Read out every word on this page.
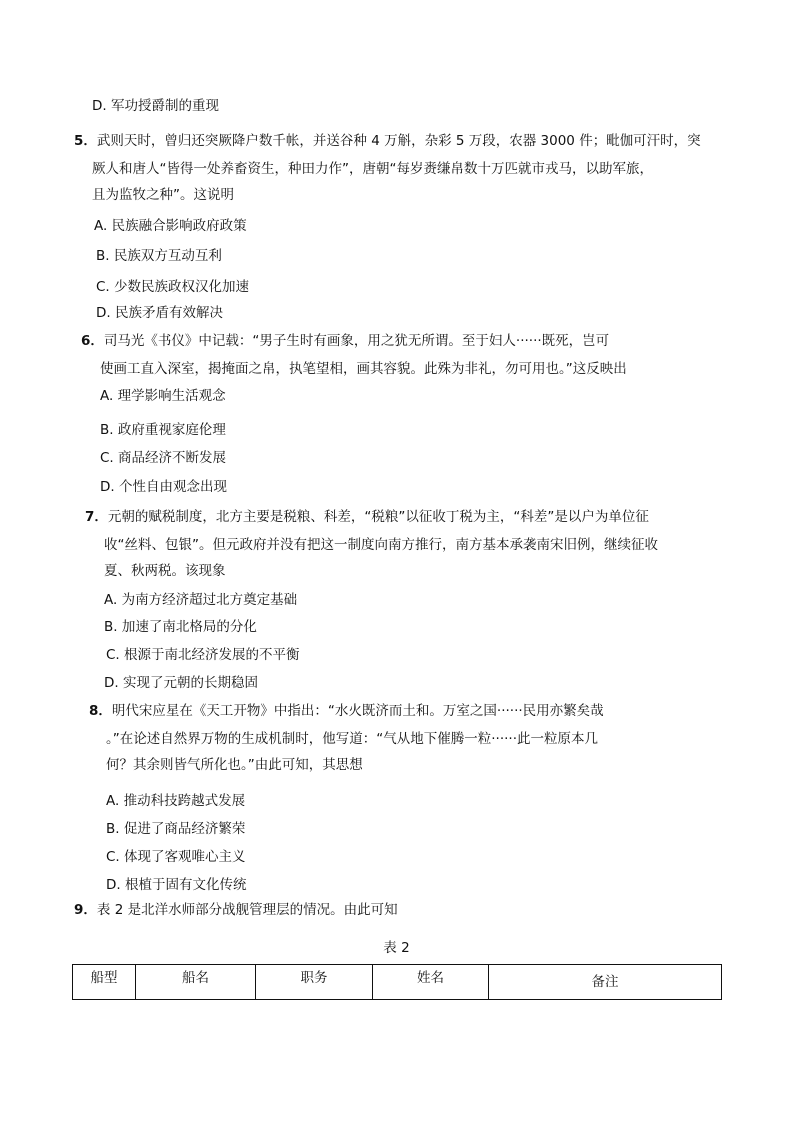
D. 军功授爵制的重现
5．武则天时，曾归还突厥降户数千帐，并送谷种 4 万斛，杂彩 5 万段，农器 3000 件；毗伽可汗时，突
厥人和唐人“皆得一处养畜资生，种田力作”，唐朝“每岁赉缣帛数十万匹就市戎马，以助军旅，
且为监牧之种”。这说明
A. 民族融合影响政府政策
B. 民族双方互动互利
C. 少数民族政权汉化加速
D. 民族矛盾有效解决
6．司马光《书仪》中记载：“男子生时有画象，用之犹无所谓。至于妇人······既死，岂可
使画工直入深室，揭掩面之帛，执笔望相，画其容貌。此殊为非礼，勿可用也。”这反映出
A. 理学影响生活观念
B. 政府重视家庭伦理
C. 商品经济不断发展
D. 个性自由观念出现
7．元朝的赋税制度，北方主要是税粮、科差，“税粮”以征收丁税为主，“科差”是以户为单位征
收“丝料、包银”。但元政府并没有把这一制度向南方推行，南方基本承袭南宋旧例，继续征收
夏、秋两税。该现象
A. 为南方经济超过北方奠定基础
B. 加速了南北格局的分化
C. 根源于南北经济发展的不平衡
D. 实现了元朝的长期稳固
8．明代宋应星在《天工开物》中指出：“水火既济而土和。万室之国······民用亦繁矣哉
。”在论述自然界万物的生成机制时，他写道：“气从地下催腾一粒······此一粒原本几
何？其余则皆气所化也。”由此可知，其思想
A. 推动科技跨越式发展
B. 促进了商品经济繁荣
C. 体现了客观唯心主义
D. 根植于固有文化传统
9．表 2 是北洋水师部分战舰管理层的情况。由此可知
表 2
船型	船名	职务	姓名	备注
